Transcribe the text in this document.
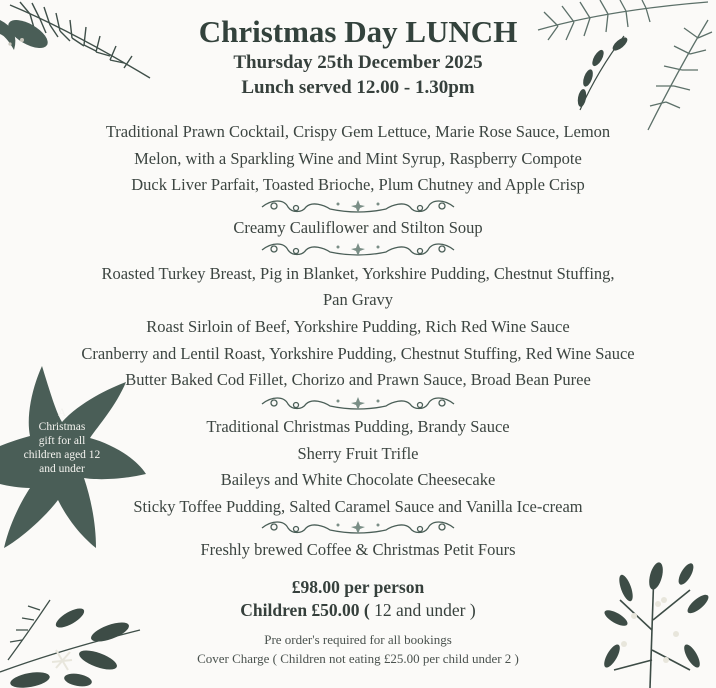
A
Christmas
gift for all
children aged 12
and under
Christmas Day LUNCH
Thursday 25th December 2025
Lunch served 12.00 - 1.30pm
Traditional Prawn Cocktail, Crispy Gem Lettuce, Marie Rose Sauce, Lemon
Melon, with a Sparkling Wine and Mint Syrup, Raspberry Compote
Duck Liver Parfait, Toasted Brioche, Plum Chutney and Apple Crisp
Creamy Cauliflower and Stilton Soup
Roasted Turkey Breast, Pig in Blanket, Yorkshire Pudding, Chestnut Stuffing,
Pan Gravy
Roast Sirloin of Beef, Yorkshire Pudding, Rich Red Wine Sauce
Cranberry and Lentil Roast, Yorkshire Pudding, Chestnut Stuffing, Red Wine Sauce
Butter Baked Cod Fillet, Chorizo and Prawn Sauce, Broad Bean Puree
Traditional Christmas Pudding, Brandy Sauce
Sherry Fruit Trifle
Baileys and White Chocolate Cheesecake
Sticky Toffee Pudding, Salted Caramel Sauce and Vanilla Ice-cream
Freshly brewed Coffee & Christmas Petit Fours
£98.00 per person
Children £50.00 ( 12 and under )
Pre order's required for all bookings
Cover Charge ( Children not eating £25.00 per child under 2 )
